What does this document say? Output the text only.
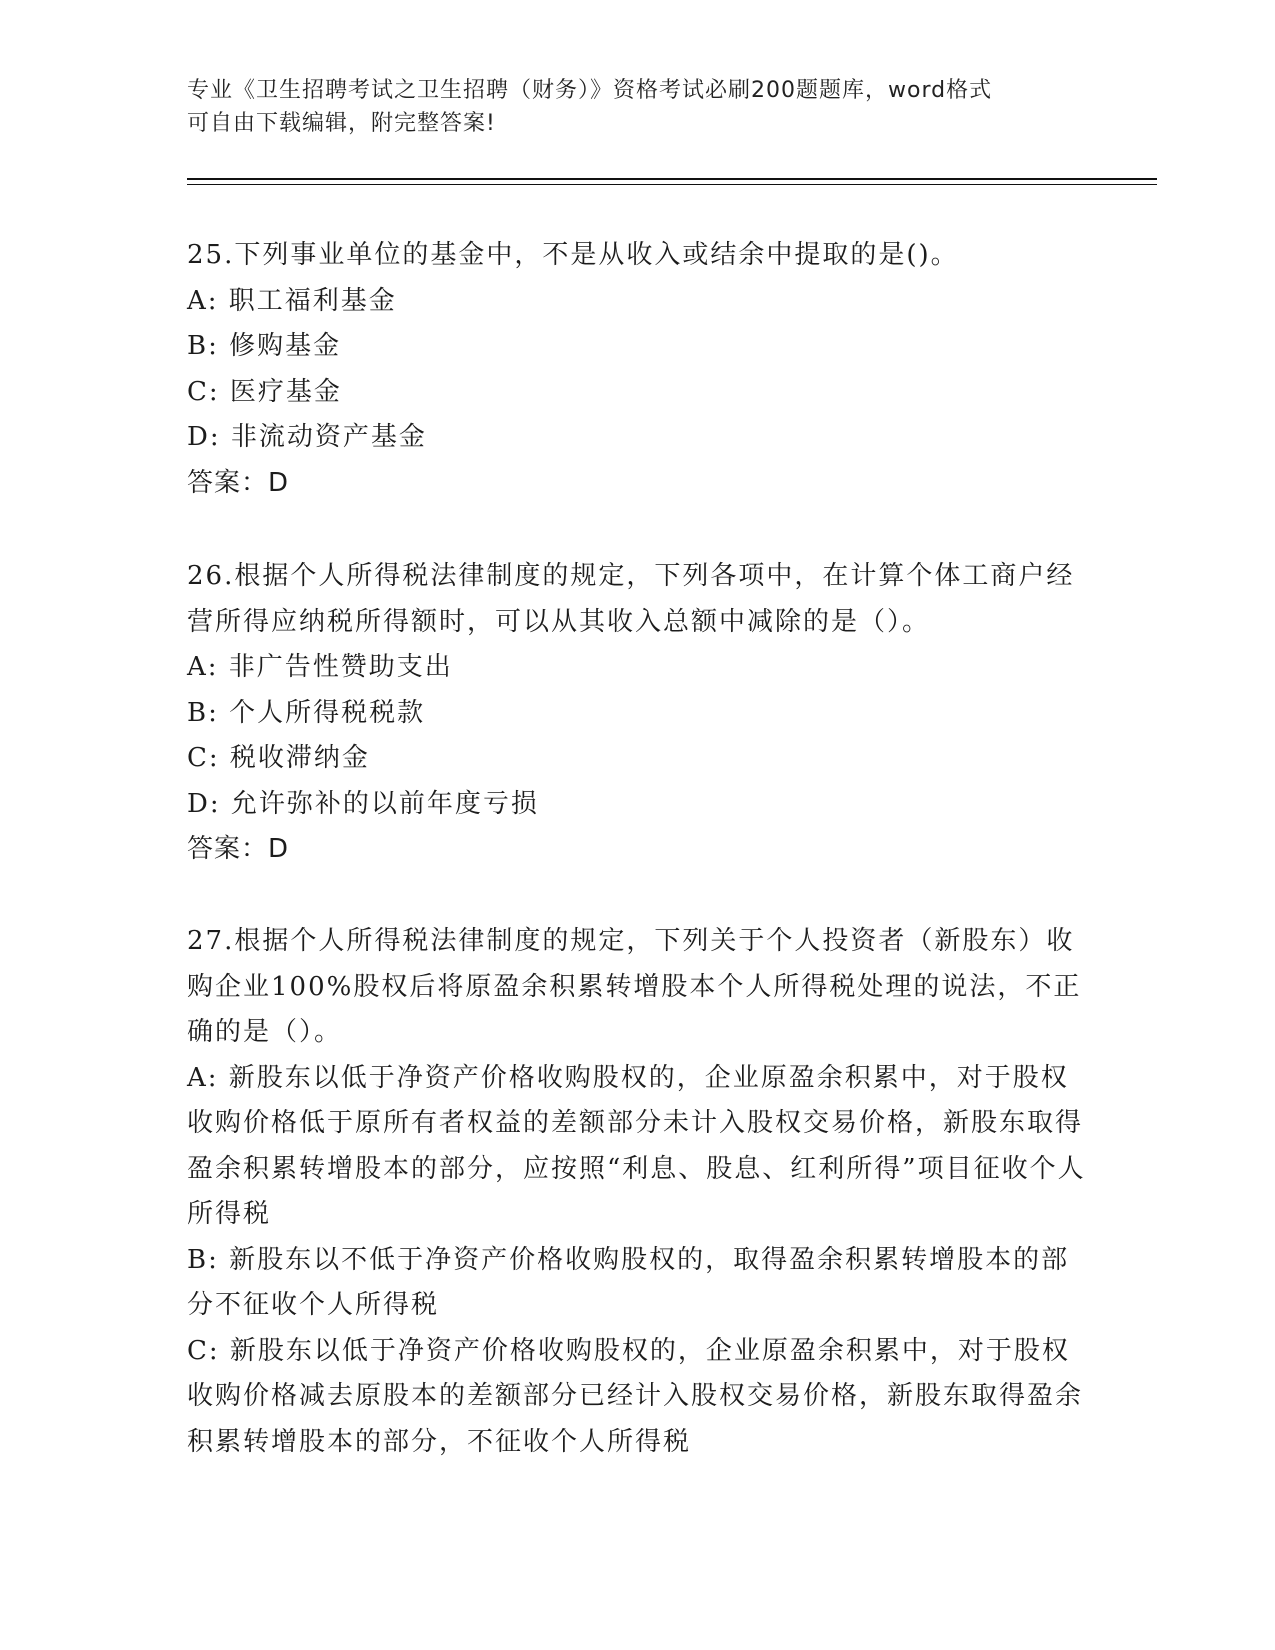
专业《卫生招聘考试之卫生招聘（财务）》资格考试必刷200题题库，word格式
可自由下载编辑，附完整答案!
25.下列事业单位的基金中，不是从收入或结余中提取的是()。
A: 职工福利基金
B: 修购基金
C: 医疗基金
D: 非流动资产基金
答案：D
26.根据个人所得税法律制度的规定，下列各项中，在计算个体工商户经营所得应纳税所得额时，可以从其收入总额中减除的是（）。
A: 非广告性赞助支出
B: 个人所得税税款
C: 税收滞纳金
D: 允许弥补的以前年度亏损
答案：D
27.根据个人所得税法律制度的规定，下列关于个人投资者（新股东）收购企业100%股权后将原盈余积累转增股本个人所得税处理的说法，不正确的是（）。
A: 新股东以低于净资产价格收购股权的，企业原盈余积累中，对于股权收购价格低于原所有者权益的差额部分未计入股权交易价格，新股东取得盈余积累转增股本的部分，应按照“利息、股息、红利所得”项目征收个人所得税
B: 新股东以不低于净资产价格收购股权的，取得盈余积累转增股本的部分不征收个人所得税
C: 新股东以低于净资产价格收购股权的，企业原盈余积累中，对于股权收购价格减去原股本的差额部分已经计入股权交易价格，新股东取得盈余积累转增股本的部分，不征收个人所得税
